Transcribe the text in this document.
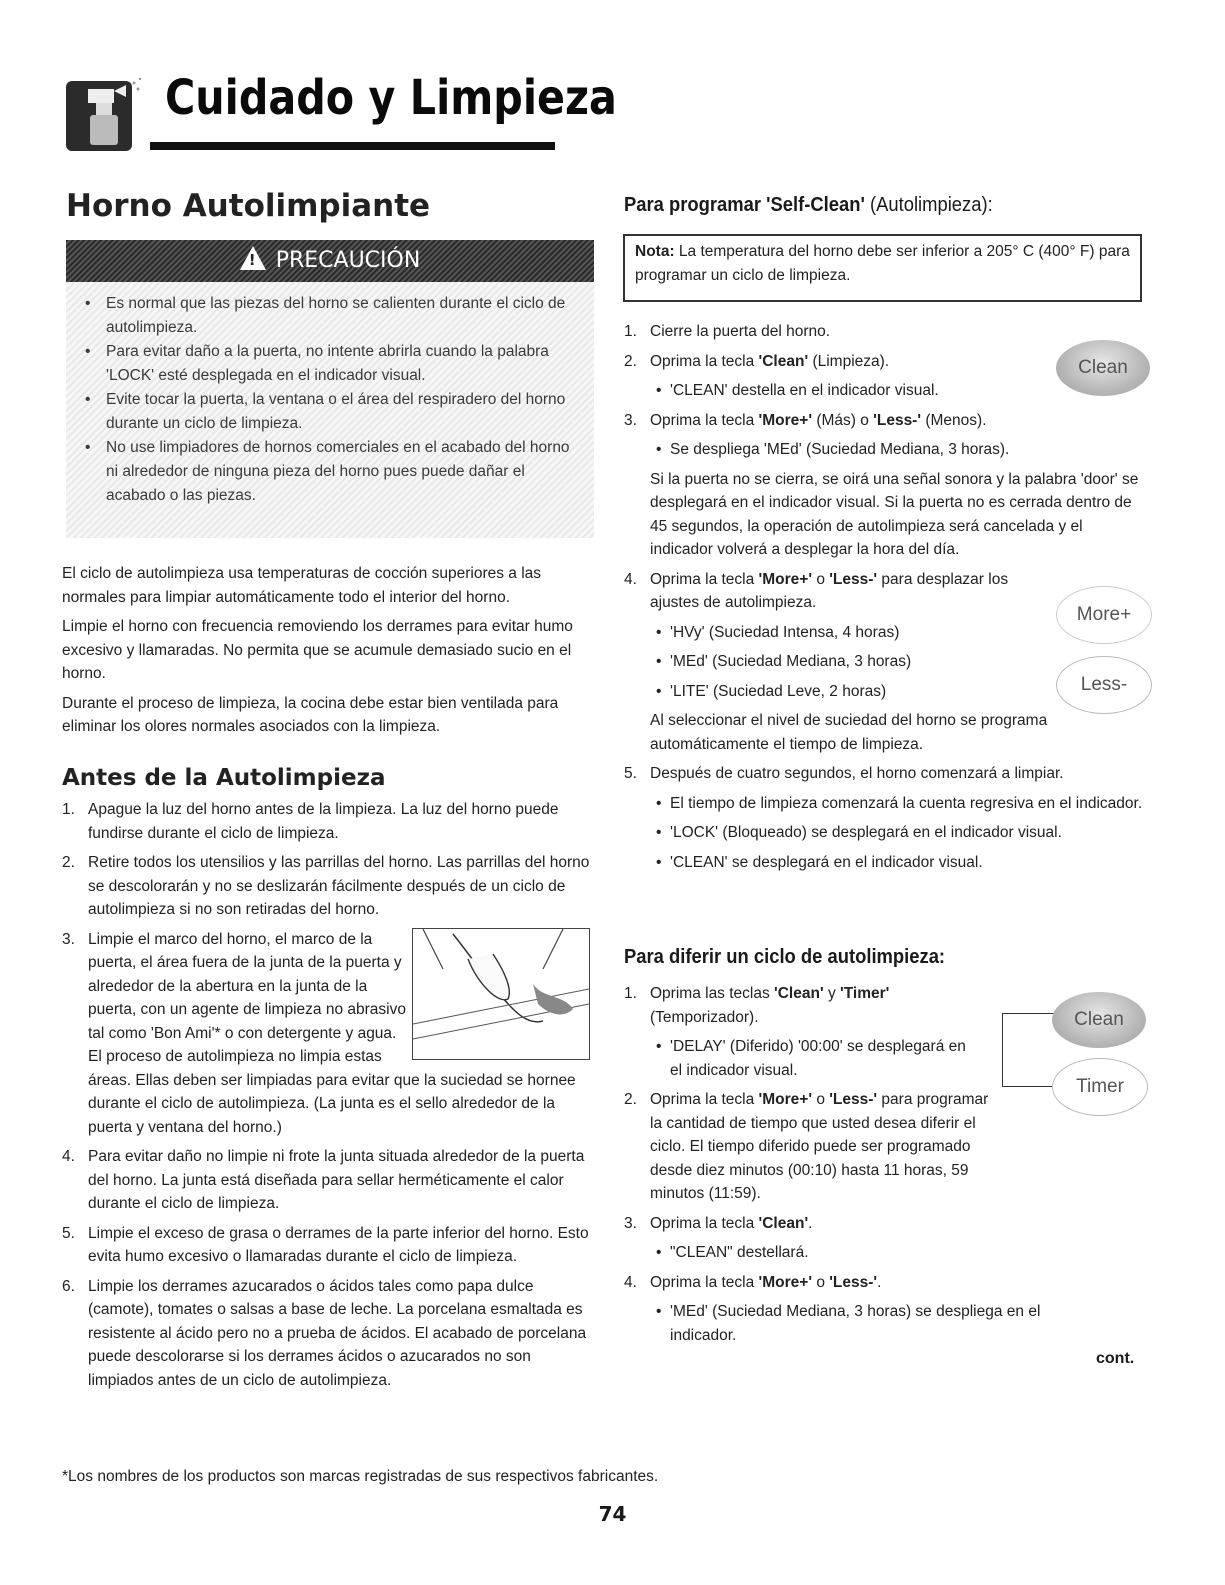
Cuidado y Limpieza
Horno Autolimpiante
! PRECAUCIÓN
• Es normal que las piezas del horno se calienten durante el ciclo de autolimpieza.
• Para evitar daño a la puerta, no intente abrirla cuando la palabra 'LOCK' esté desplegada en el indicador visual.
• Evite tocar la puerta, la ventana o el área del respiradero del horno durante un ciclo de limpieza.
• No use limpiadores de hornos comerciales en el acabado del horno ni alrededor de ninguna pieza del horno pues puede dañar el acabado o las piezas.

El ciclo de autolimpieza usa temperaturas de cocción superiores a las normales para limpiar automáticamente todo el interior del horno.

Limpie el horno con frecuencia removiendo los derrames para evitar humo excesivo y llamaradas. No permita que se acumule demasiado sucio en el horno.

Durante el proceso de limpieza, la cocina debe estar bien ventilada para eliminar los olores normales asociados con la limpieza.

Antes de la Autolimpieza
1. Apague la luz del horno antes de la limpieza. La luz del horno puede fundirse durante el ciclo de limpieza.
2. Retire todos los utensilios y las parrillas del horno. Las parrillas del horno se descolorarán y no se deslizarán fácilmente después de un ciclo de autolimpieza si no son retiradas del horno.
3. Limpie el marco del horno, el marco de la puerta, el área fuera de la junta de la puerta y alrededor de la abertura en la junta de la puerta, con un agente de limpieza no abrasivo tal como 'Bon Ami'* o con detergente y agua. El proceso de autolimpieza no limpia estas áreas. Ellas deben ser limpiadas para evitar que la suciedad se hornee durante el ciclo de autolimpieza. (La junta es el sello alrededor de la puerta y ventana del horno.)
4. Para evitar daño no limpie ni frote la junta situada alrededor de la puerta del horno. La junta está diseñada para sellar herméticamente el calor durante el ciclo de limpieza.
5. Limpie el exceso de grasa o derrames de la parte inferior del horno. Esto evita humo excesivo o llamaradas durante el ciclo de limpieza.
6. Limpie los derrames azucarados o ácidos tales como papa dulce (camote), tomates o salsas a base de leche. La porcelana esmaltada es resistente al ácido pero no a prueba de ácidos. El acabado de porcelana puede descolorarse si los derrames ácidos o azucarados no son limpiados antes de un ciclo de autolimpieza.
Para programar 'Self-Clean' (Autolimpieza):
Nota: La temperatura del horno debe ser inferior a 205° C (400° F) para programar un ciclo de limpieza.
1. Cierre la puerta del horno.
2. Oprima la tecla 'Clean' (Limpieza).
• 'CLEAN' destella en el indicador visual.
3. Oprima la tecla 'More+' (Más) o 'Less-' (Menos).
• Se despliega 'MEd' (Suciedad Mediana, 3 horas).
Si la puerta no se cierra, se oirá una señal sonora y la palabra 'door' se desplegará en el indicador visual. Si la puerta no es cerrada dentro de 45 segundos, la operación de autolimpieza será cancelada y el indicador volverá a desplegar la hora del día.
4. Oprima la tecla 'More+' o 'Less-' para desplazar los ajustes de autolimpieza.
• 'HVy' (Suciedad Intensa, 4 horas)
• 'MEd' (Suciedad Mediana, 3 horas)
• 'LITE' (Suciedad Leve, 2 horas)
Al seleccionar el nivel de suciedad del horno se programa automáticamente el tiempo de limpieza.
5. Después de cuatro segundos, el horno comenzará a limpiar.
• El tiempo de limpieza comenzará la cuenta regresiva en el indicador.
• 'LOCK' (Bloqueado) se desplegará en el indicador visual.
• 'CLEAN' se desplegará en el indicador visual.
Para diferir un ciclo de autolimpieza:
1. Oprima las teclas 'Clean' y 'Timer' (Temporizador).
• 'DELAY' (Diferido) '00:00' se desplegará en el indicador visual.
2. Oprima la tecla 'More+' o 'Less-' para programar la cantidad de tiempo que usted desea diferir el ciclo. El tiempo diferido puede ser programado desde diez minutos (00:10) hasta 11 horas, 59 minutos (11:59).
3. Oprima la tecla 'Clean'.
• "CLEAN" destellará.
4. Oprima la tecla 'More+' o 'Less-'.
• 'MEd' (Suciedad Mediana, 3 horas) se despliega en el indicador.
cont.
Clean
More+
Less-
Clean
Timer
*Los nombres de los productos son marcas registradas de sus respectivos fabricantes.
74
